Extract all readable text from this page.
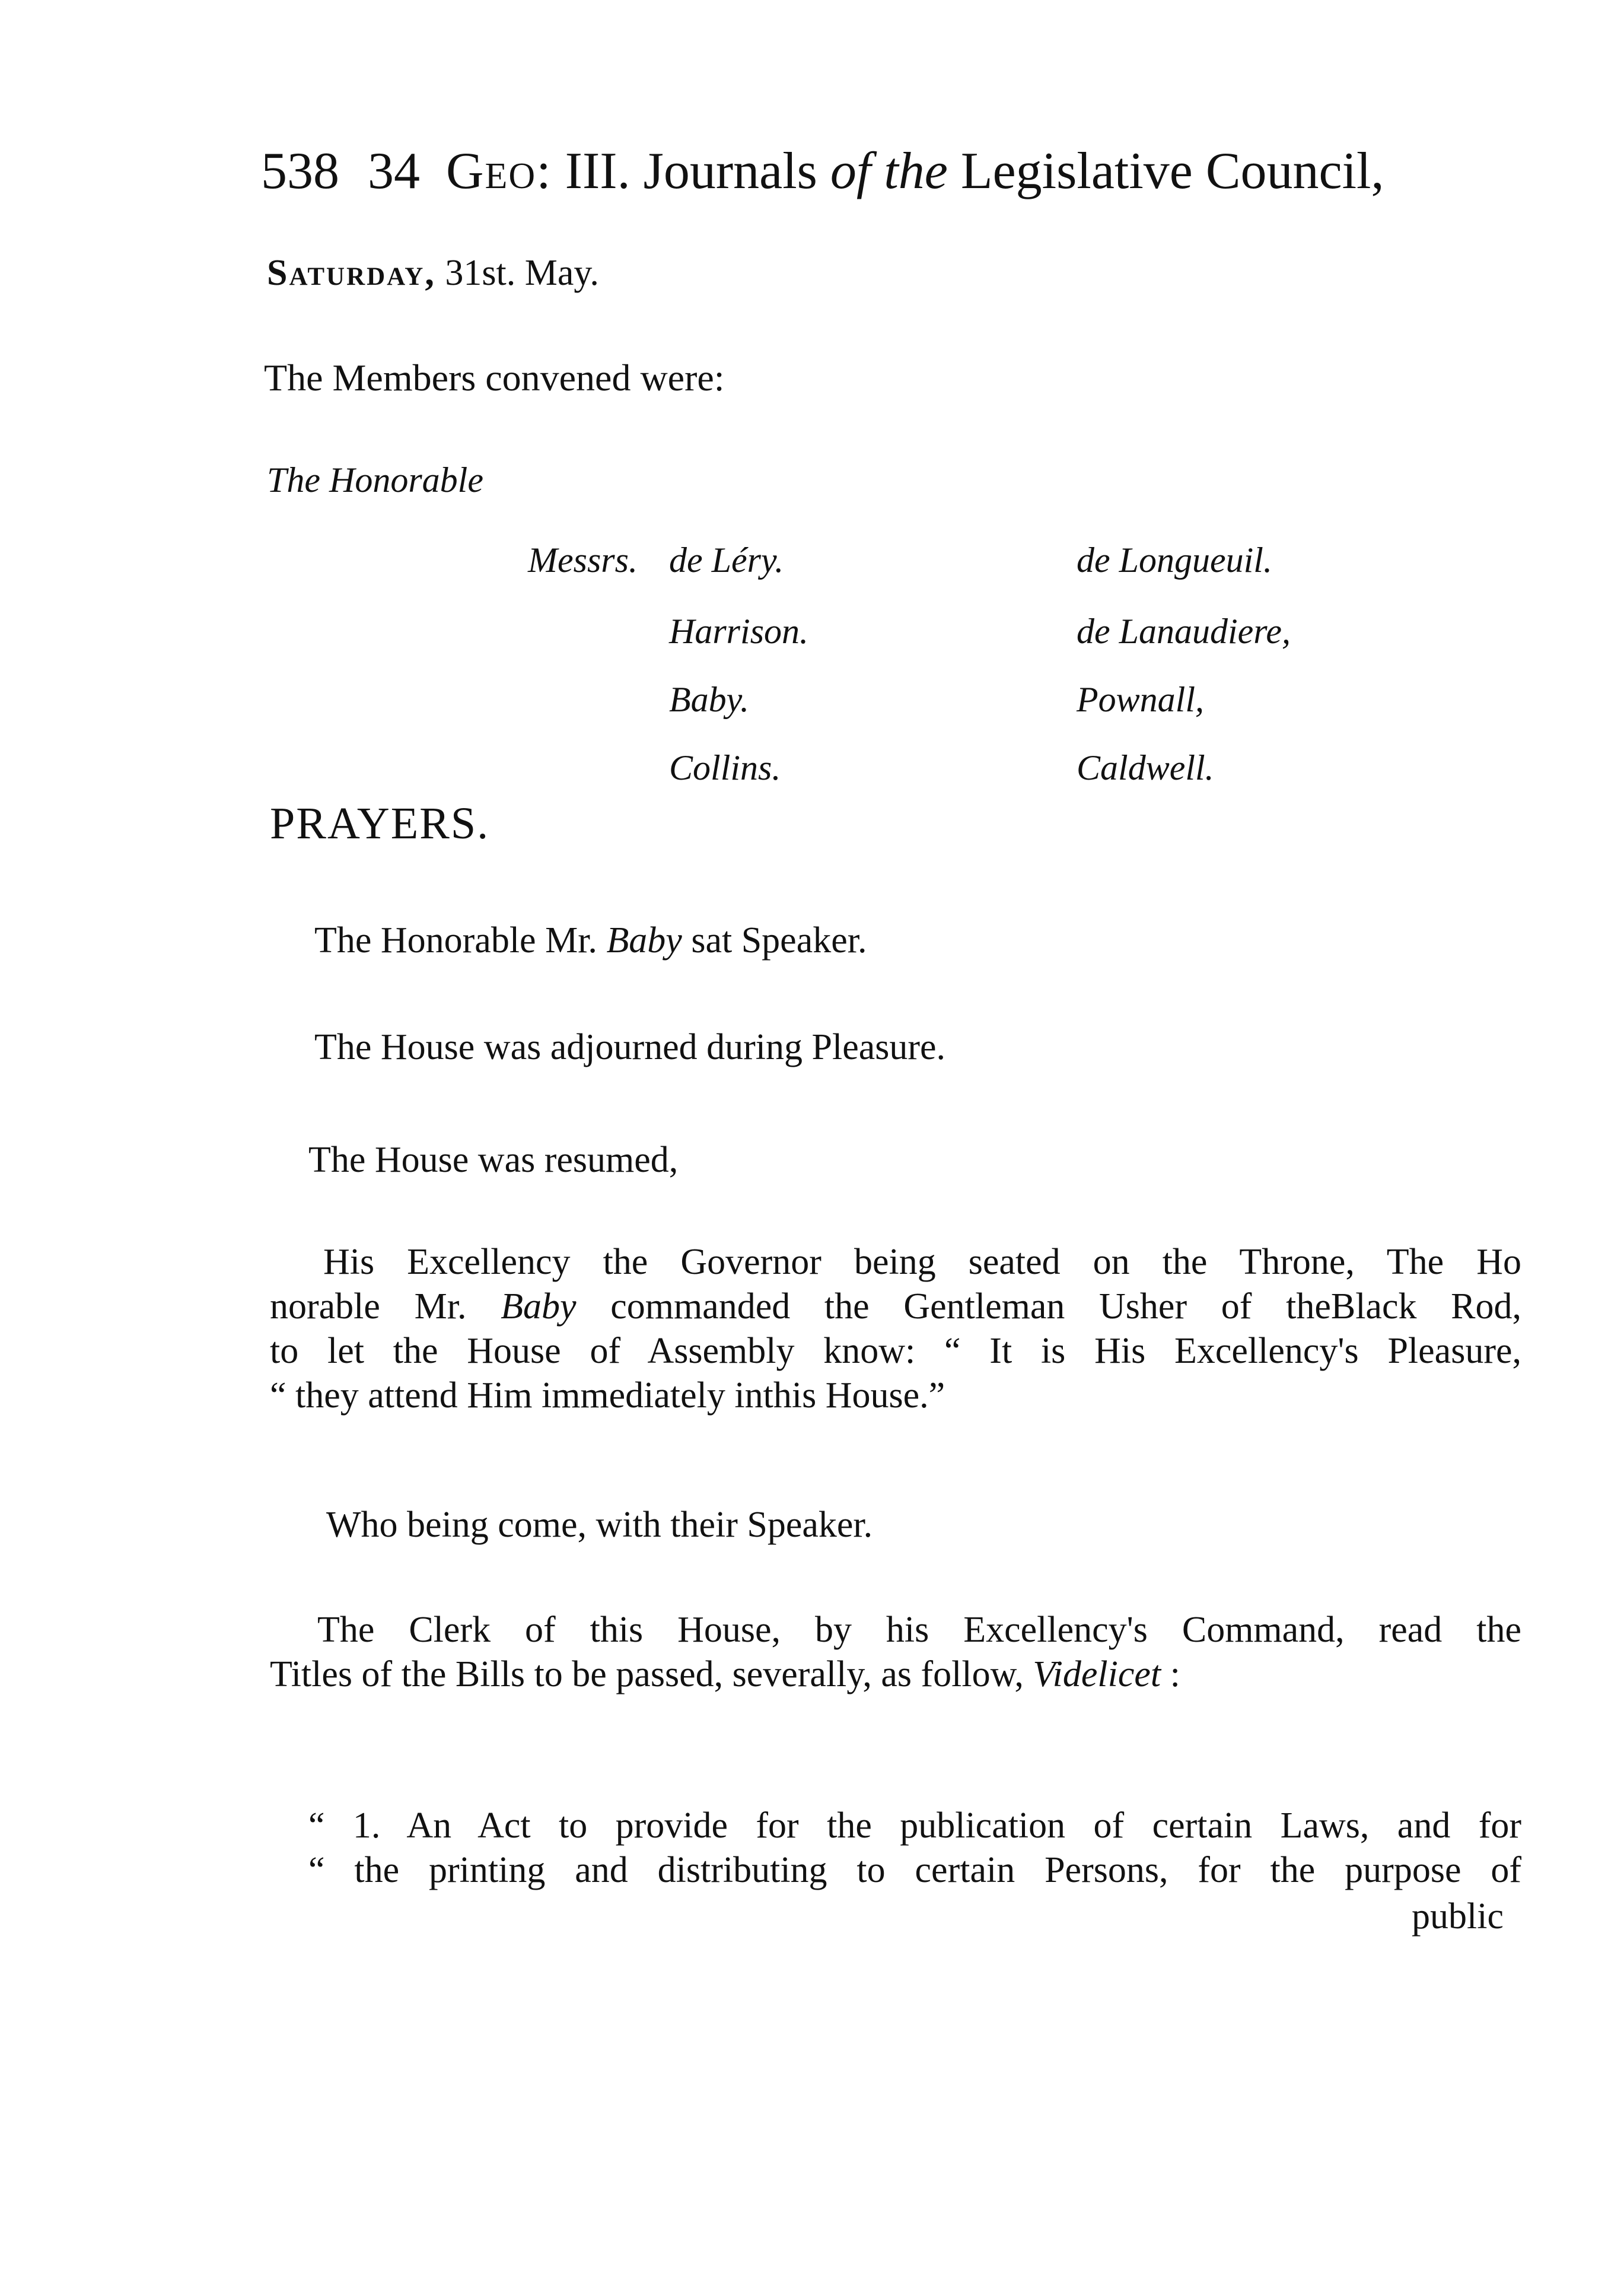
538 34 Geo: III. Journals of the Legislative Council,
Saturday, 31st. May.
The Members convened were:
The Honorable
Messrs. de Léry.
Harrison.
Baby.
Collins.
de Longueuil.
de Lanaudiere,
Pownall,
Caldwell.
PRAYERS.
The Honorable Mr. Baby sat Speaker.
The House was adjourned during Pleasure.
The House was resumed,
His Excellency the Governor being seated on the Throne, The Ho
norable Mr. Baby commanded the Gentleman Usher of theBlack Rod,
to let the House of Assembly know: “ It is His Excellency's Pleasure,
“ they attend Him immediately inthis House.”
Who being come, with their Speaker.
The Clerk of this House, by his Excellency's Command, read the
Titles of the Bills to be passed, severally, as follow, Videlicet :
“ 1. An Act to provide for the publication of certain Laws, and for
“ the printing and distributing to certain Persons, for the purpose of
public
